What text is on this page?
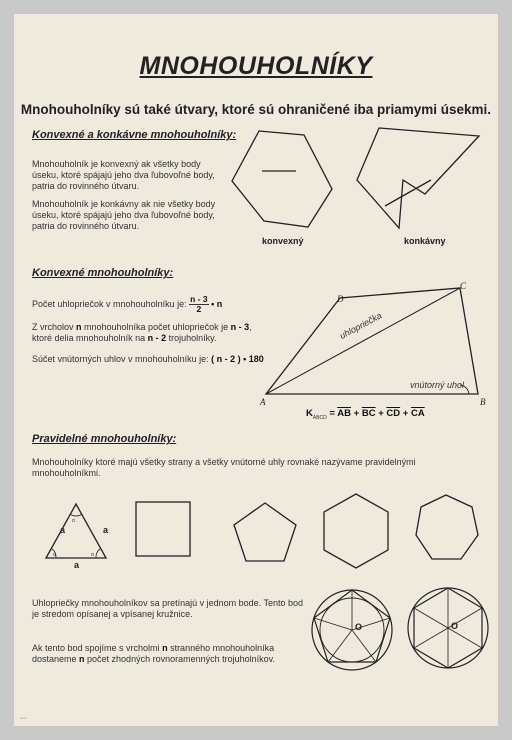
MNOHOUHOLNÍKY
Mnohouholníky sú také útvary, ktoré sú ohraničené iba priamymi úsekmi.
Konvexné a konkávne mnohouholníky:
Mnohouholník je konvexný ak všetky body úseku, ktoré spájajú jeho dva ľubovoľné body, patria do rovinného útvaru.
Mnohouholník je konkávny ak nie všetky body úseku, ktoré spájajú jeho dva ľubovoľné body, patria do rovinného útvaru.
konvexný	konkávny
Konvexné mnohouholníky:
Počet uhlopriečok v mnohouholníku je: $\frac{n - 3}{2}$ • n
Z vrcholov n mnohouholníka počet uhlopriečok je n - 3, ktoré delia mnohouholník na n - 2 trojuholníky.
Súčet vnútorných uhlov v mnohouholníku je: ( n - 2 ) • 180
A	B
C
D
uhlopriečka
vnútorný uhol
$K_{ABCD} = \overline{AB} + \overline{BC} + \overline{CD} + \overline{CA}$
Pravidelné mnohouholníky:
Mnohouholníky ktoré majú všetky strany a všetky vnútorné uhly rovnaké nazývame pravidelnými mnohouholníkmi.
a	a
a
α
α	α
Uhlopriečky mnohouholníkov sa pretínajú v jednom bode. Tento bod je stredom opísanej a vpísanej kružnice.
Ak tento bod spojíme s vrcholmi n stranného mnohouholníka dostaneme n počet zhodných rovnoramenných trojuholníkov.
O	O
www
